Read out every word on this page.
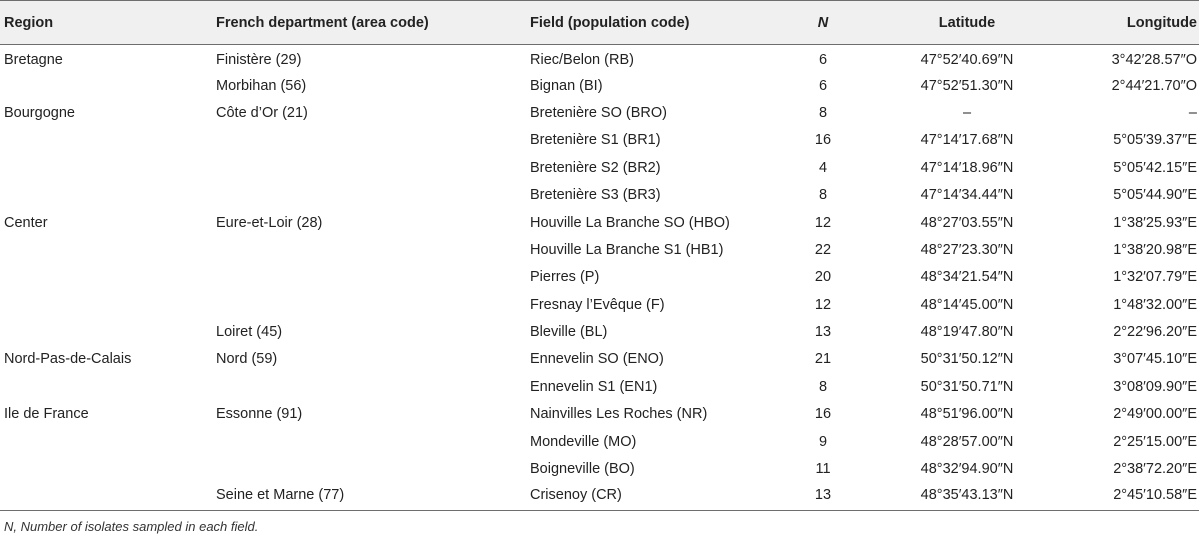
Region	French department (area code)	Field (population code)	N	Latitude	Longitude
Bretagne	Finistère (29)	Riec/Belon (RB)	6	47°52′40.69″N	3°42′28.57″O
	Morbihan (56)	Bignan (BI)	6	47°52′51.30″N	2°44′21.70″O
Bourgogne	Côte d’Or (21)	Bretenière SO (BRO)	8	–	–
		Bretenière S1 (BR1)	16	47°14′17.68″N	5°05′39.37″E
		Bretenière S2 (BR2)	4	47°14′18.96″N	5°05′42.15″E
		Bretenière S3 (BR3)	8	47°14′34.44″N	5°05′44.90″E
Center	Eure-et-Loir (28)	Houville La Branche SO (HBO)	12	48°27′03.55″N	1°38′25.93″E
		Houville La Branche S1 (HB1)	22	48°27′23.30″N	1°38′20.98″E
		Pierres (P)	20	48°34′21.54″N	1°32′07.79″E
		Fresnay l’Evêque (F)	12	48°14′45.00″N	1°48′32.00″E
	Loiret (45)	Bleville (BL)	13	48°19′47.80″N	2°22′96.20″E
Nord-Pas-de-Calais	Nord (59)	Ennevelin SO (ENO)	21	50°31′50.12″N	3°07′45.10″E
		Ennevelin S1 (EN1)	8	50°31′50.71″N	3°08′09.90″E
Ile de France	Essonne (91)	Nainvilles Les Roches (NR)	16	48°51′96.00″N	2°49′00.00″E
		Mondeville (MO)	9	48°28′57.00″N	2°25′15.00″E
		Boigneville (BO)	11	48°32′94.90″N	2°38′72.20″E
	Seine et Marne (77)	Crisenoy (CR)	13	48°35′43.13″N	2°45′10.58″E
N, Number of isolates sampled in each field.
